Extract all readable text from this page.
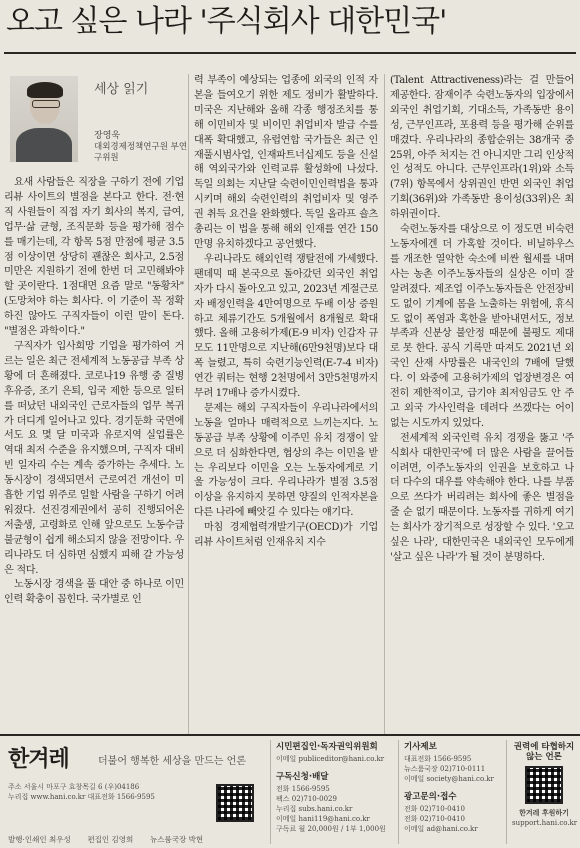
오고 싶은 나라 '주식회사 대한민국'
세상 읽기
장영욱
대외경제정책연구원 부연구위원

요새 사람들은 직장을 구하기 전에 기업리뷰 사이트의 별점을 본다고 한다. 전·현직 사원들이 직접 자기 회사의 복지, 급여, 업무·삶 균형, 조직문화 등을 평가해 점수를 매기는데, 각 항목 5점 만점에 평균 3.5점 이상이면 상당히 괜찮은 회사고, 2.5점 미만은 지원하기 전에 한번 더 고민해봐야 할 곳이란다. 1점대면 요즘 말로 "동황차"(도망쳐야 하는 회사다. 이 기준이 꼭 정확하진 않아도 구직자들이 이런 말이 돈다. "별점은 과학이다."

구직자가 입사희망 기업을 평가하여 거르는 일은 최근 전세계적 노동공급 부족 상황에 더 흔해졌다. 코로나19 유행 중 질병 후유증, 조기 은퇴, 입국 제한 등으로 일터를 떠났던 내외국인 근로자들의 업무 복귀가 더디게 일어나고 있다. 경기둔화 국면에서도 요 몇 달 미국과 유로지역 실업률은 역대 최저 수준을 유지했으며, 구직자 대비 빈 일자리 수는 계속 증가하는 추세다. 노동시장이 경색되면서 근로여건 개선이 미흡한 기업 위주로 일할 사람을 구하기 어려워졌다. 선진경제권에서 공히 진행되어온 저출생, 고령화로 인해 앞으로도 노동수급 불균형이 쉽게 해소되지 않을 전망이다. 우리나라도 더 심하면 심했지 피해 갈 가능성은 적다.

노동시장 경색을 풀 대안 중 하나로 이민인력 확충이 꼽힌다. 국가별로 인

력 부족이 예상되는 업종에 외국의 인적 자본을 들여오기 위한 제도 정비가 활발하다. 미국은 지난해와 올해 각종 행정조치를 통해 이민비자 및 비이민 취업비자 발급 수를 대폭 확대했고, 유럽연합 국가들은 최근 인재풀시범사업, 인재파트너십제도 등을 신설해 역외국가와 인력교류 활성화에 나섰다. 독일 의회는 지난달 숙련이민인력법을 통과시키며 해외 숙련인력의 취업비자 및 영주권 취득 요건을 완화했다. 독일 올라프 숄츠 총리는 이 법을 통해 해외 인재를 연간 150만명 유치하겠다고 공언했다.

우리나라도 해외인력 쟁탈전에 가세했다. 팬데믹 때 본국으로 돌아갔던 외국인 취업자가 다시 돌아오고 있고, 2023년 계절근로자 배정인력을 4만여명으로 두배 이상 증원하고 체류기간도 5개월에서 8개월로 확대했다. 올해 고용허가제(E-9 비자) 인갑자 규모도 11만명으로 지난해(6만9천명)보다 대폭 늘렸고, 특히 숙련기능인력(E-7-4 비자) 연간 쿼터는 현행 2천명에서 3만5천명까지 무려 17배나 증가시켰다.

문제는 해외 구직자들이 우리나라에서의 노동을 얼마나 매력적으로 느끼는지다. 노동공급 부족 상황에 이주민 유치 경쟁이 앞으로 더 심화한다면, 협상의 추는 이민을 받는 우리보다 이민을 오는 노동자에게로 기울 가능성이 크다. 우리나라가 별점 3.5점 이상을 유지하지 못하면 양질의 인적자본을 다른 나라에 빼앗길 수 있다는 얘기다.

마침 경제협력개발기구(OECD)가 기업리뷰 사이트처럼 인재유치 지수

(Talent Attractiveness)라는 걸 만들어 제공한다. 잠재이주 숙련노동자의 입장에서 외국인 취업기회, 기대소득, 가족동반 용이성, 근무인프라, 포용력 등을 평가해 순위를 매겼다. 우리나라의 종합순위는 38개국 중 25위, 아주 처지는 건 아니지만 그리 인상적인 성적도 아니다. 근무인프라(1위)와 소득(7위) 항목에서 상위권인 반면 외국인 취업기회(36위)와 가족동반 용이성(33위)은 최하위권이다.

숙련노동자를 대상으로 이 정도면 비숙련노동자에겐 더 가혹할 것이다. 비닐하우스를 개조한 열악한 숙소에 비싼 월세를 내며 사는 농촌 이주노동자들의 실상은 이미 잘 알려졌다. 제조업 이주노동자들은 안전장비도 없이 기계에 몸을 노출하는 위험에, 휴식도 없이 폭염과 혹한을 받아내면서도, 정보 부족과 신분상 불안정 때문에 불평도 제대로 못 한다. 공식 기록만 따져도 2021년 외국인 산재 사망률은 내국인의 7배에 달했다. 이 와중에 고용허가제의 업장변경은 여전히 제한적이고, 급기야 최저임금도 안 주고 외국 가사인력을 데려다 쓰겠다는 어이없는 시도까지 있었다.

전세계적 외국인력 유치 경쟁을 뚫고 '주식회사 대한민국'에 더 많은 사람을 끌어들이려면, 이주노동자의 인권을 보호하고 나 더 다수의 대우를 약속해야 한다. 나를 부품으로 쓰다가 버리려는 회사에 좋은 별점을 줄 순 없기 때문이다. 노동자를 귀하게 여기는 회사가 장기적으로 성장할 수 있다. '오고 싶은 나라', 대한민국은 내외국인 모두에게 '살고 싶은 나라'가 될 것이 분명하다.

한겨레	더불어 행복한 세상을 만드는 언론
주소 서울시 마포구 효창목길 6 (우)04186
누리집 www.hani.co.kr 대표전화 1566-9595
시민편집인·독자권익위원회
이메일 publiceditor@hani.co.kr
구독신청·배달
전화 1566-9595
팩스 02)710-0029
누리집 subs.hani.co.kr
이메일 hani119@hani.co.kr
구독료 월 20,000원 / 1부 1,000원
기사제보
대표전화 1566-9595
뉴스룸국장 02)710-0111
이메일 society@hani.co.kr
광고문의·접수
전화 02)710-0410
전화 02)710-0410
이메일 ad@hani.co.kr
권력에 타협하지 않는 언론
한겨레 후원하기
support.hani.co.kr
발행·인쇄인 최우성 편집인 김영희 뉴스룸국장 박현
